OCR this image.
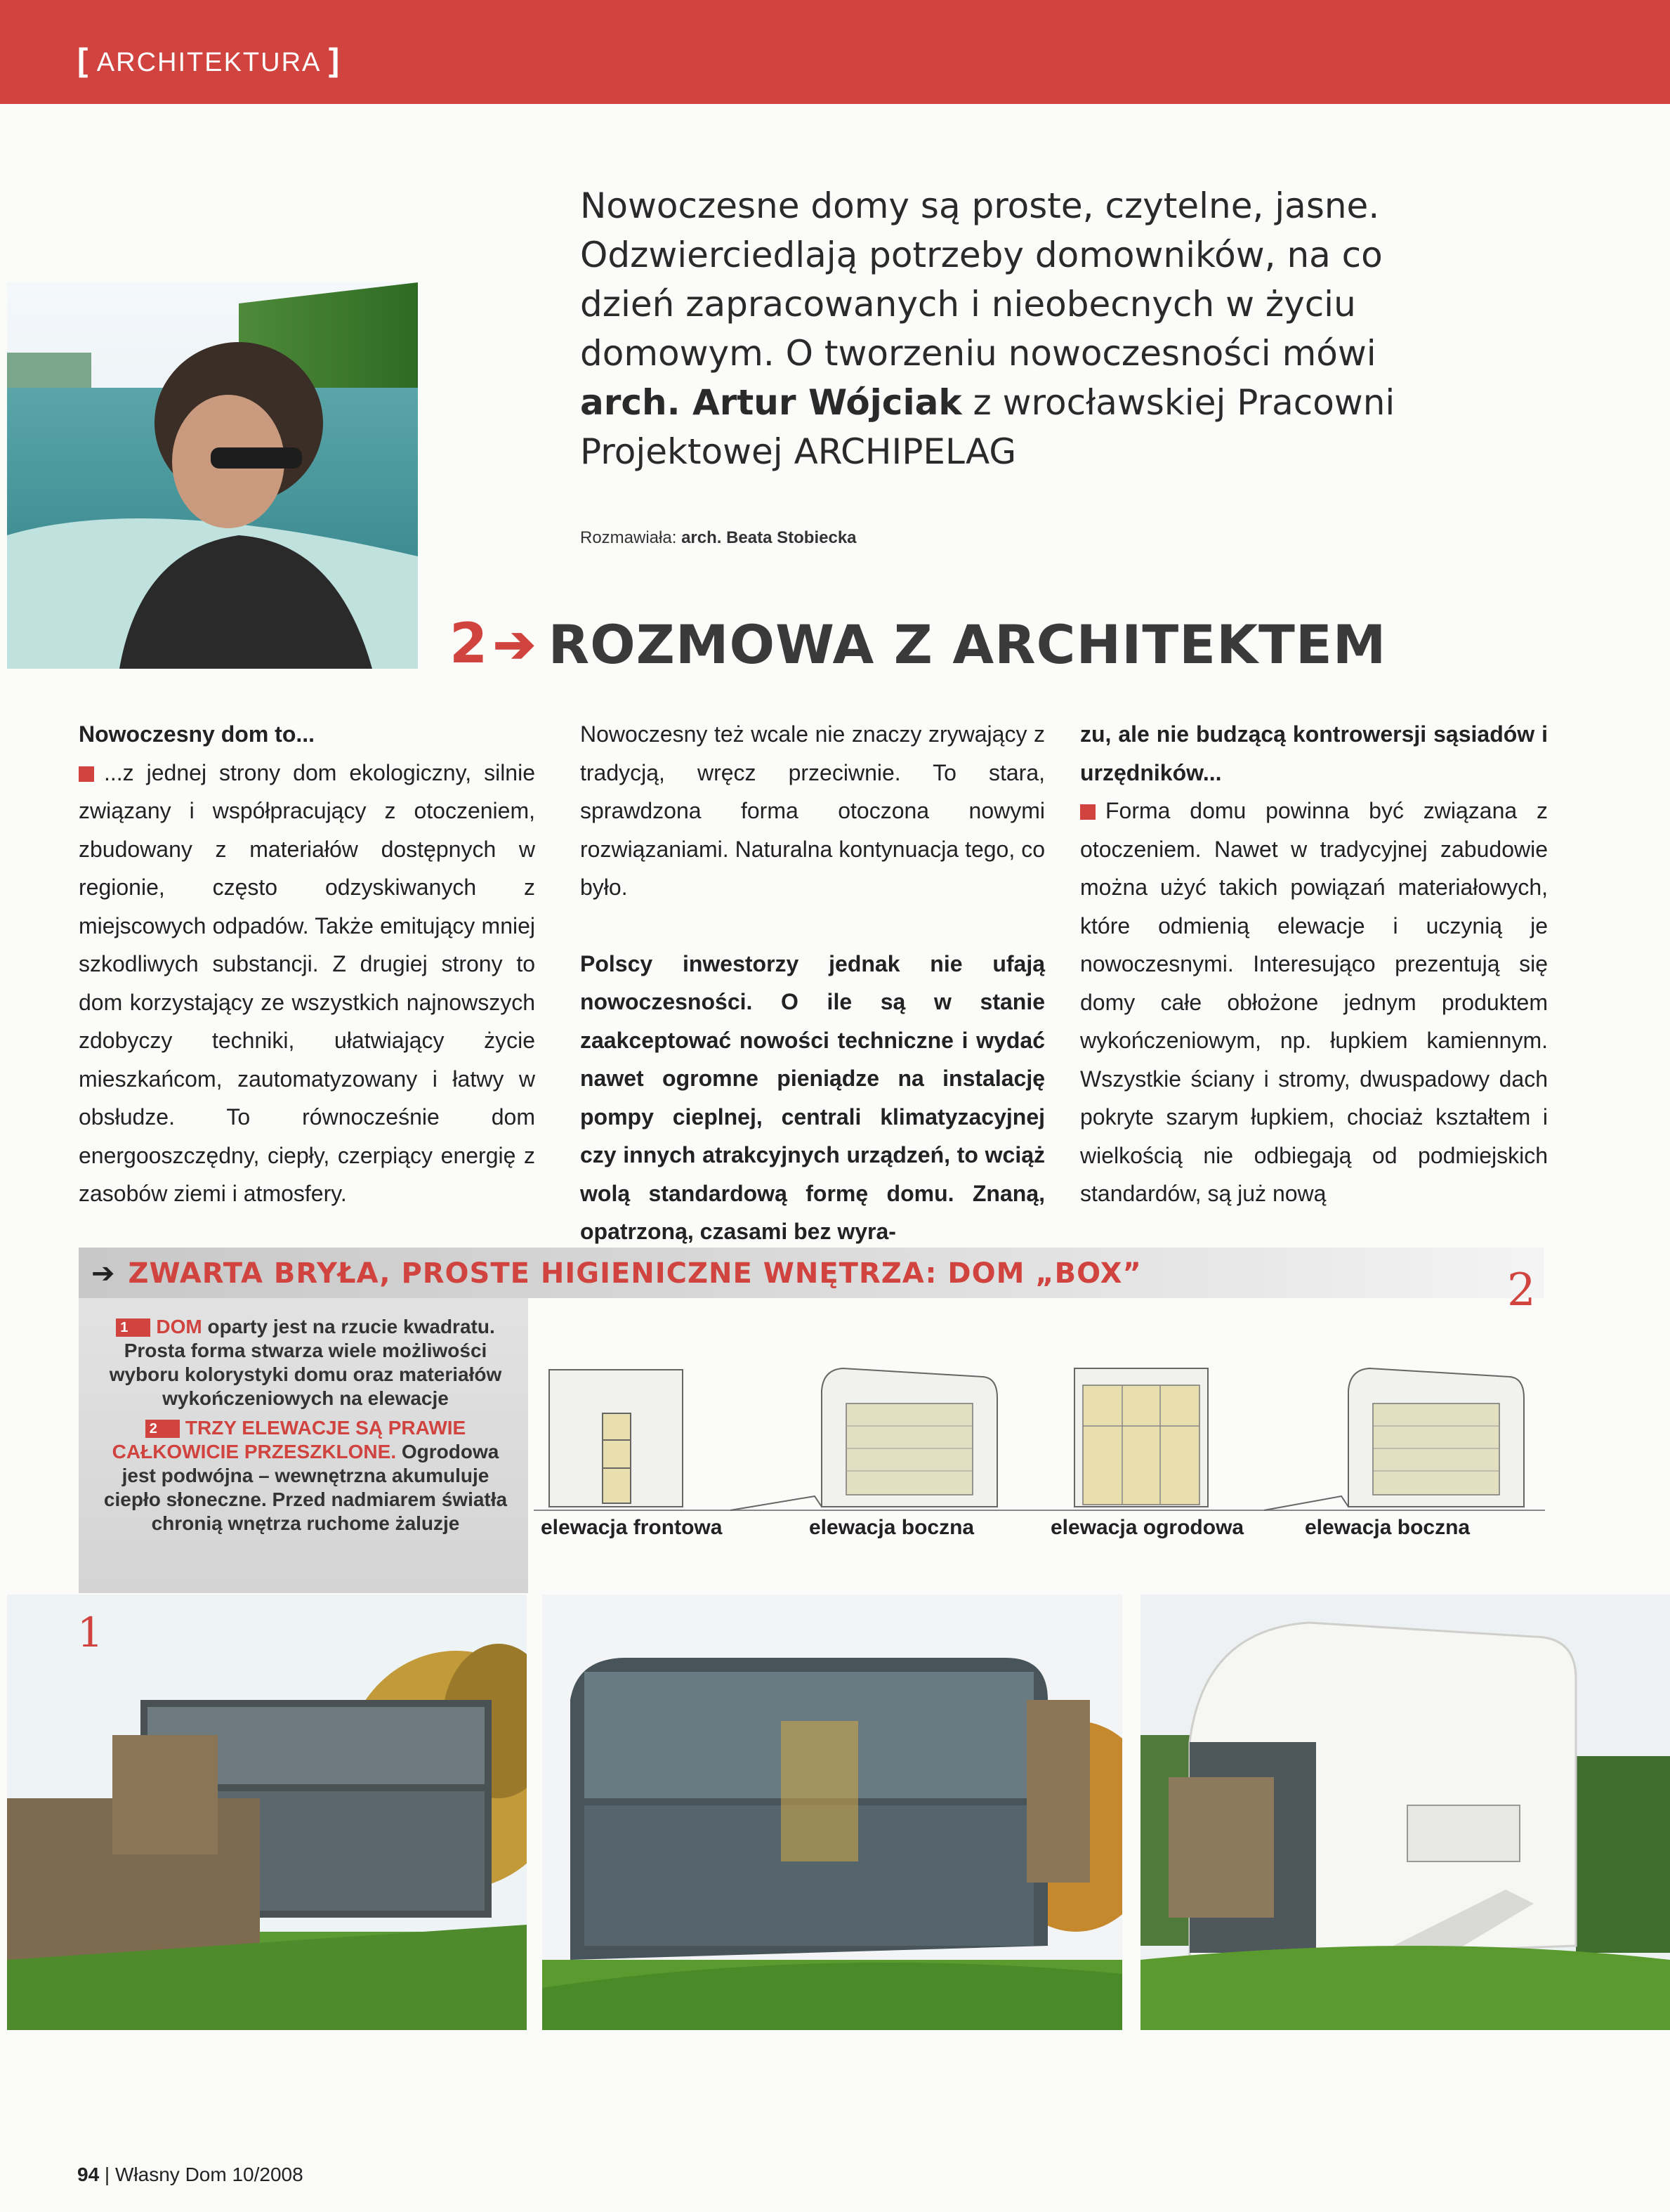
[ ARCHITEKTURA ]
Nowoczesne domy są proste, czytelne, jasne. Odzwierciedlają potrzeby domowników, na co dzień zapracowanych i nieobecnych w życiu domowym. O tworzeniu nowoczesności mówi arch. Artur Wójciak z wrocławskiej Pracowni Projektowej ARCHIPELAG
Rozmawiała: arch. Beata Stobiecka
2 ➔ ROZMOWA Z ARCHITEKTEM

Nowoczesny dom to...

...z jednej strony dom ekologiczny, silnie związany i współpracujący z otoczeniem, zbudowany z materiałów dostępnych w regionie, często odzyskiwanych z miejscowych odpadów. Także emitujący mniej szkodliwych substancji. Z drugiej strony to dom korzystający ze wszystkich najnowszych zdobyczy techniki, ułatwiający życie mieszkańcom, zautomatyzowany i łatwy w obsłudze. To równocześnie dom energooszczędny, ciepły, czerpiący energię z zasobów ziemi i atmosfery.

Nowoczesny też wcale nie znaczy zrywający z tradycją, wręcz przeciwnie. To stara, sprawdzona forma otoczona nowymi rozwiązaniami. Naturalna kontynuacja tego, co było.

Polscy inwestorzy jednak nie ufają nowoczesności. O ile są w stanie zaakceptować nowości techniczne i wydać nawet ogromne pieniądze na instalację pompy cieplnej, centrali klimatyzacyjnej czy innych atrakcyjnych urządzeń, to wciąż wolą standardową formę domu. Znaną, opatrzoną, czasami bez wyra-

zu, ale nie budzącą kontrowersji sąsiadów i urzędników...

Forma domu powinna być związana z otoczeniem. Nawet w tradycyjnej zabudowie można użyć takich powiązań materiałowych, które odmienią elewacje i uczynią je nowoczesnymi. Interesująco prezentują się domy całe obłożone jednym produktem wykończeniowym, np. łupkiem kamiennym. Wszystkie ściany i stromy, dwuspadowy dach pokryte szarym łupkiem, chociaż kształtem i wielkością nie odbiegają od podmiejskich standardów, są już nową

➔ ZWARTA BRYŁA, PROSTE HIGIENICZNE WNĘTRZA: DOM „BOX”	2

1 DOM oparty jest na rzucie kwadratu. Prosta forma stwarza wiele możliwości wyboru kolorystyki domu oraz materiałów wykończeniowych na elewacje

2 TRZY ELEWACJE SĄ PRAWIE CAŁKOWICIE PRZESZKLONE. Ogrodowa jest podwójna – wewnętrzna akumuluje ciepło słoneczne. Przed nadmiarem światła chronią wnętrza ruchome żaluzje	elewacja frontowa	elewacja boczna	elewacja ogrodowa	elewacja boczna
1
94 | Własny Dom 10/2008
